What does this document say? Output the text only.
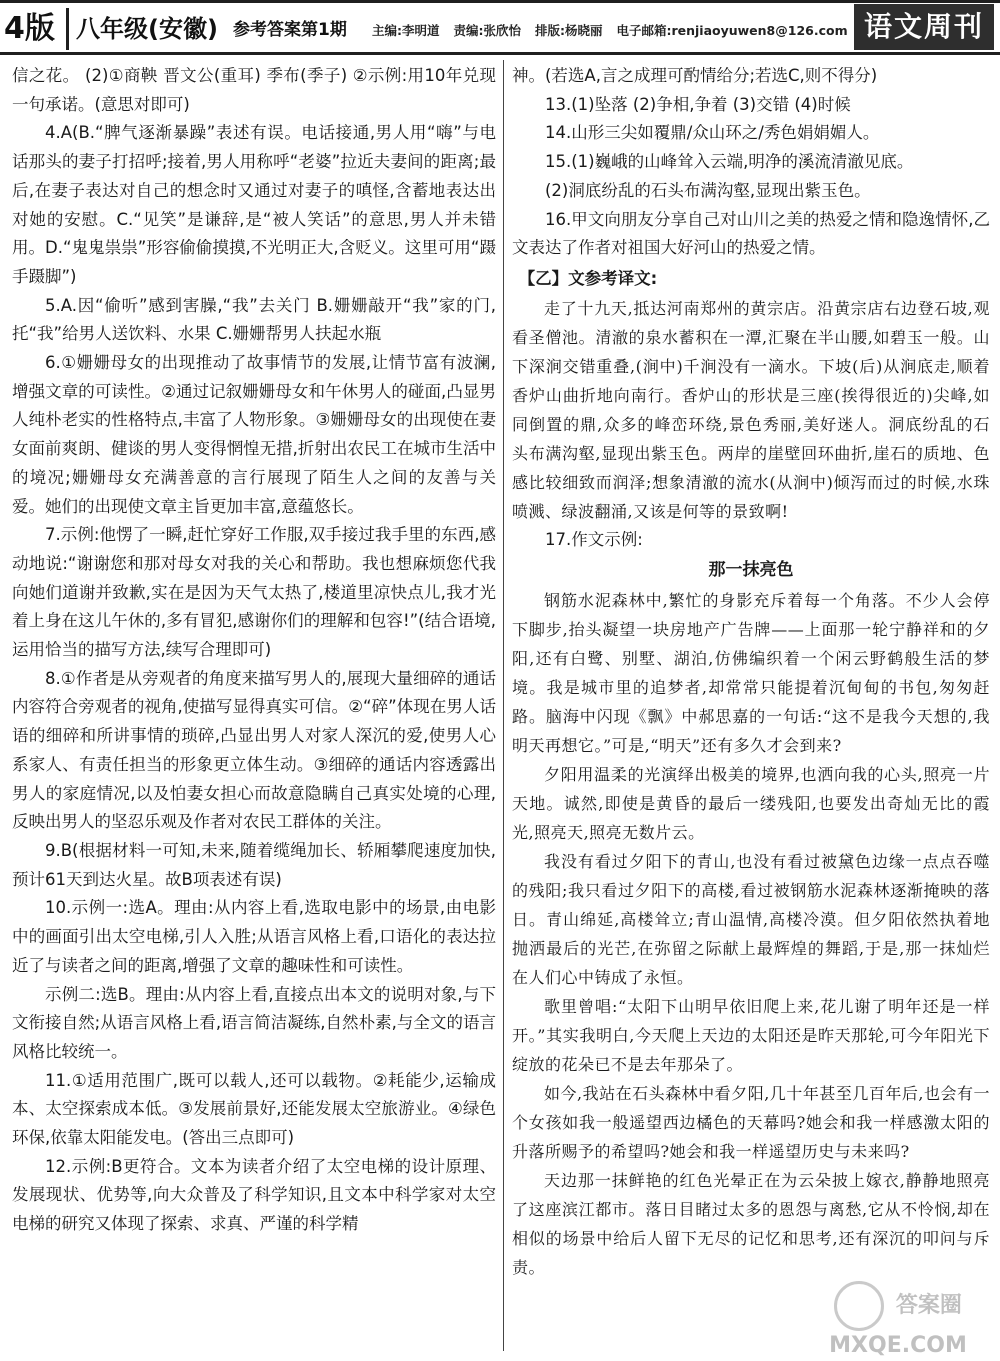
4版 八年级(安徽) 参考答案第1期 主编:李明道 责编:张欣怡 排版:杨晓丽 电子邮箱:renjiaoyuwen8@126.com 语文周刊

信之花。 (2)①商鞅 晋文公(重耳) 季布(季子) ②示例:用10年兑现一句承诺。(意思对即可)

4.A(B.“脾气逐渐暴躁”表述有误。电话接通,男人用“嗨”与电话那头的妻子打招呼;接着,男人用称呼“老婆”拉近夫妻间的距离;最后,在妻子表达对自己的想念时又通过对妻子的嗔怪,含蓄地表达出对她的安慰。C.“见笑”是谦辞,是“被人笑话”的意思,男人并未错用。D.“鬼鬼祟祟”形容偷偷摸摸,不光明正大,含贬义。这里可用“蹑手蹑脚”)

5.A.因“偷听”感到害臊,“我”去关门 B.姗姗敲开“我”家的门,托“我”给男人送饮料、水果 C.姗姗帮男人扶起水瓶

6.①姗姗母女的出现推动了故事情节的发展,让情节富有波澜,增强文章的可读性。②通过记叙姗姗母女和午休男人的碰面,凸显男人纯朴老实的性格特点,丰富了人物形象。③姗姗母女的出现使在妻女面前爽朗、健谈的男人变得惘惶无措,折射出农民工在城市生活中的境况;姗姗母女充满善意的言行展现了陌生人之间的友善与关爱。她们的出现使文章主旨更加丰富,意蕴悠长。

7.示例:他愣了一瞬,赶忙穿好工作服,双手接过我手里的东西,感动地说:“谢谢您和那对母女对我的关心和帮助。我也想麻烦您代我向她们道谢并致歉,实在是因为天气太热了,楼道里凉快点儿,我才光着上身在这儿午休的,多有冒犯,感谢你们的理解和包容!”(结合语境,运用恰当的描写方法,续写合理即可)

8.①作者是从旁观者的角度来描写男人的,展现大量细碎的通话内容符合旁观者的视角,使描写显得真实可信。②“碎”体现在男人话语的细碎和所讲事情的琐碎,凸显出男人对家人深沉的爱,使男人心系家人、有责任担当的形象更立体生动。③细碎的通话内容透露出男人的家庭情况,以及怕妻女担心而故意隐瞒自己真实处境的心理,反映出男人的坚忍乐观及作者对农民工群体的关注。

9.B(根据材料一可知,未来,随着缆绳加长、轿厢攀爬速度加快,预计61天到达火星。故B项表述有误)

10.示例一:选A。理由:从内容上看,选取电影中的场景,由电影中的画面引出太空电梯,引人入胜;从语言风格上看,口语化的表达拉近了与读者之间的距离,增强了文章的趣味性和可读性。

示例二:选B。理由:从内容上看,直接点出本文的说明对象,与下文衔接自然;从语言风格上看,语言简洁凝练,自然朴素,与全文的语言风格比较统一。

11.①适用范围广,既可以载人,还可以载物。②耗能少,运输成本、太空探索成本低。③发展前景好,还能发展太空旅游业。④绿色环保,依靠太阳能发电。(答出三点即可)

12.示例:B更符合。文本为读者介绍了太空电梯的设计原理、发展现状、优势等,向大众普及了科学知识,且文本中科学家对太空电梯的研究又体现了探索、求真、严谨的科学精

神。(若选A,言之成理可酌情给分;若选C,则不得分)

13.(1)坠落 (2)争相,争着 (3)交错 (4)时候

14.山形三尖如覆鼎/众山环之/秀色娟娟媚人。

15.(1)巍峨的山峰耸入云端,明净的溪流清澈见底。

(2)洞底纷乱的石头布满沟壑,显现出紫玉色。

16.甲文向朋友分享自己对山川之美的热爱之情和隐逸情怀,乙文表达了作者对祖国大好河山的热爱之情。

【乙】文参考译文:

走了十九天,抵达河南郑州的黄宗店。沿黄宗店右边登石坡,观看圣僧池。清澈的泉水蓄积在一潭,汇聚在半山腰,如碧玉一般。山下深涧交错重叠,(涧中)千涧没有一滴水。下坡(后)从涧底走,顺着香炉山曲折地向南行。香炉山的形状是三座(挨得很近的)尖峰,如同倒置的鼎,众多的峰峦环绕,景色秀丽,美好迷人。洞底纷乱的石头布满沟壑,显现出紫玉色。两岸的崖壁回环曲折,崖石的质地、色感比较细致而润泽;想象清澈的流水(从涧中)倾泻而过的时候,水珠喷溅、绿波翻涌,又该是何等的景致啊!

17.作文示例:

那一抹亮色

钢筋水泥森林中,繁忙的身影充斥着每一个角落。不少人会停下脚步,抬头凝望一块房地产广告牌——上面那一轮宁静祥和的夕阳,还有白鹭、别墅、湖泊,仿佛编织着一个闲云野鹤般生活的梦境。我是城市里的追梦者,却常常只能提着沉甸甸的书包,匆匆赶路。脑海中闪现《飘》中郝思嘉的一句话:“这不是我今天想的,我明天再想它。”可是,“明天”还有多久才会到来?

夕阳用温柔的光演绎出极美的境界,也洒向我的心头,照亮一片天地。诚然,即使是黄昏的最后一缕残阳,也要发出奇灿无比的霞光,照亮天,照亮无数片云。

我没有看过夕阳下的青山,也没有看过被黛色边缘一点点吞噬的残阳;我只看过夕阳下的高楼,看过被钢筋水泥森林逐渐掩映的落日。青山绵延,高楼耸立;青山温情,高楼冷漠。但夕阳依然执着地抛洒最后的光芒,在弥留之际献上最辉煌的舞蹈,于是,那一抹灿烂在人们心中铸成了永恒。

歌里曾唱:“太阳下山明早依旧爬上来,花儿谢了明年还是一样开。”其实我明白,今天爬上天边的太阳还是昨天那轮,可今年阳光下绽放的花朵已不是去年那朵了。

如今,我站在石头森林中看夕阳,几十年甚至几百年后,也会有一个女孩如我一般遥望西边橘色的天幕吗?她会和我一样感激太阳的升落所赐予的希望吗?她会和我一样遥望历史与未来吗?

天边那一抹鲜艳的红色光晕正在为云朵披上嫁衣,静静地照亮了这座滨江都市。落日目睹过太多的恩怨与离愁,它从不怜悯,却在相似的场景中给后人留下无尽的记忆和思考,还有深沉的叩问与斥责。

答案圈 MXQE.COM
